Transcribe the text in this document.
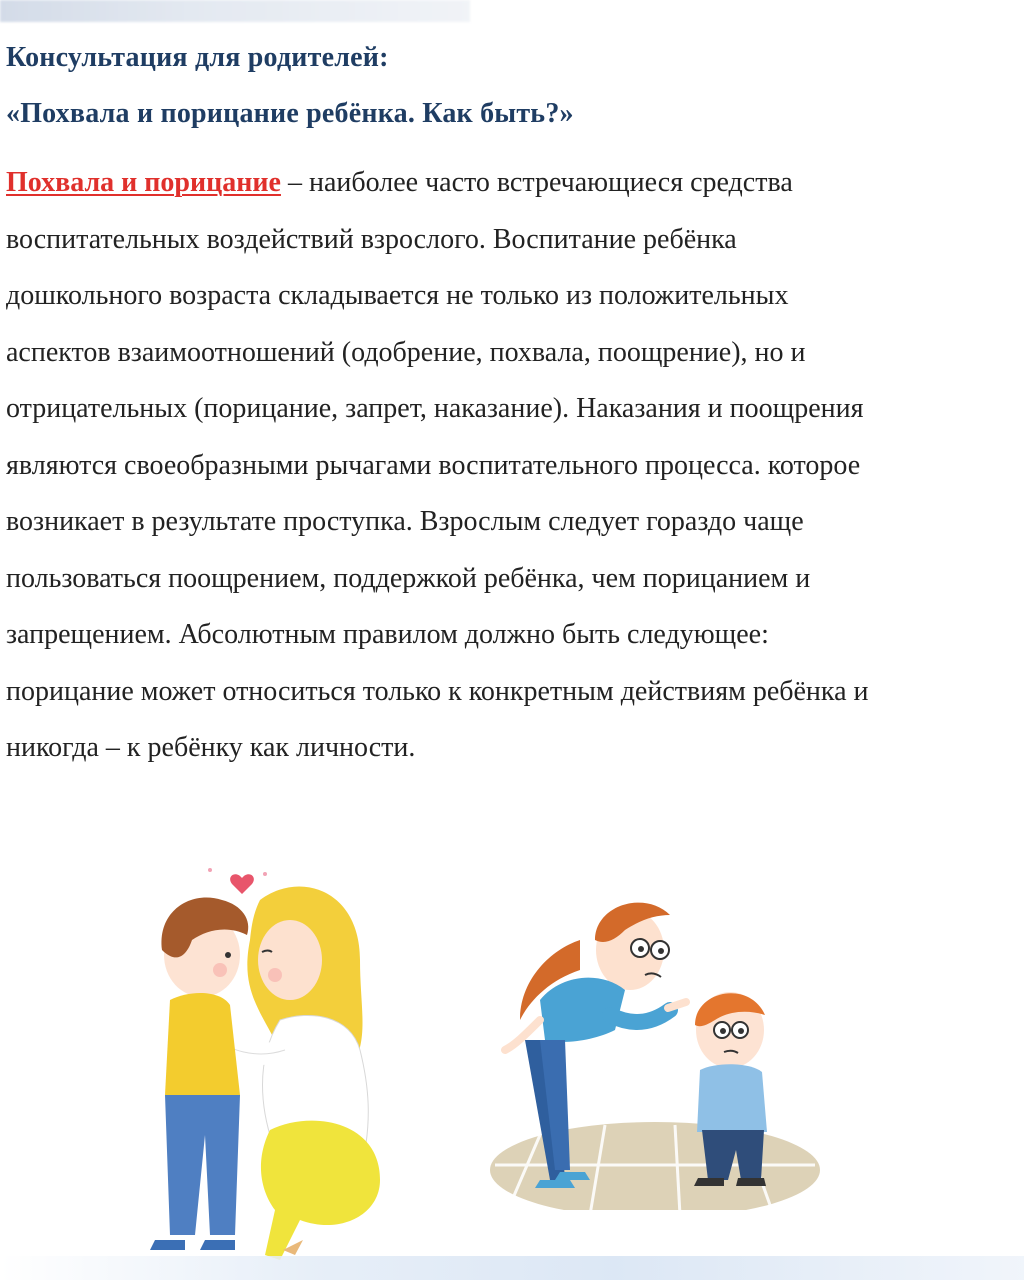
Консультация для родителей:
«Похвала и порицание ребёнка. Как быть?»
Похвала и порицание – наиболее часто встречающиеся средства
воспитательных воздействий взрослого. Воспитание ребёнка
дошкольного возраста складывается не только из положительных
аспектов взаимоотношений (одобрение, похвала, поощрение), но и
отрицательных (порицание, запрет, наказание). Наказания и поощрения
являются своеобразными рычагами воспитательного процесса. которое
возникает в результате проступка. Взрослым следует гораздо чаще
пользоваться поощрением, поддержкой ребёнка, чем порицанием и
запрещением. Абсолютным правилом должно быть следующее:
порицание может относиться только к конкретным действиям ребёнка и
никогда – к ребёнку как личности.
